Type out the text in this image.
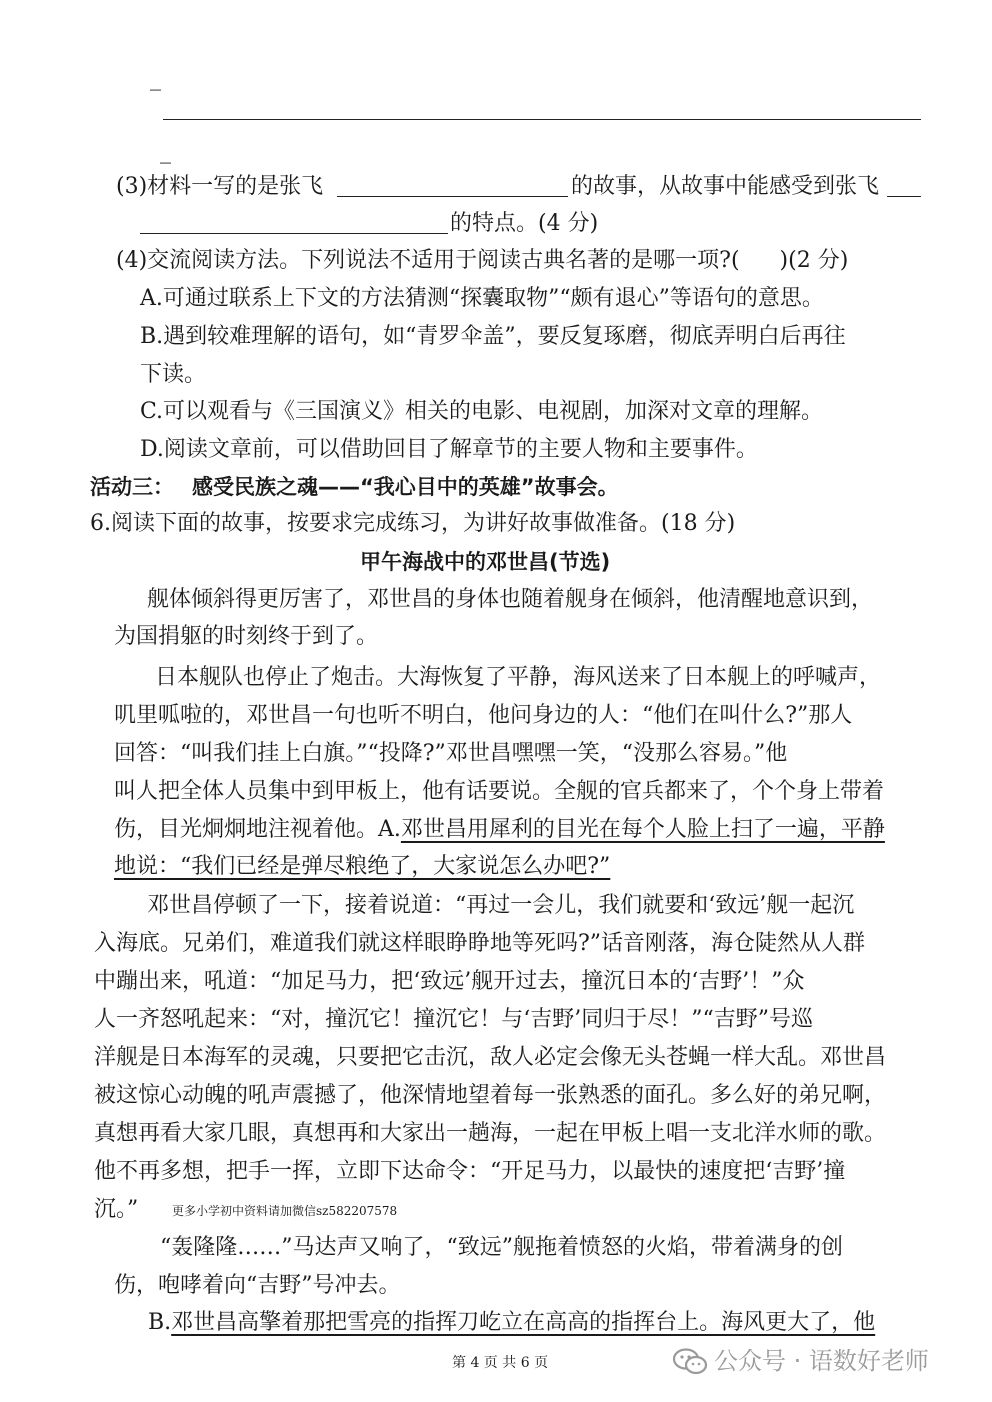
_
_
(3)材料一写的是张飞	的故事，从故事中能感受到张飞
的特点。(4 分)
(4)交流阅读方法。下列说法不适用于阅读古典名著的是哪一项?( )(2 分)
A.可通过联系上下文的方法猜测“探囊取物”“颇有退心”等语句的意思。
B.遇到较难理解的语句，如“青罗伞盖”，要反复琢磨，彻底弄明白后再往
下读。
C.可以观看与《三国演义》相关的电影、电视剧，加深对文章的理解。
D.阅读文章前，可以借助回目了解章节的主要人物和主要事件。
活动三： 感受民族之魂——“我心目中的英雄”故事会。
6.阅读下面的故事，按要求完成练习，为讲好故事做准备。(18 分)
甲午海战中的邓世昌(节选)
舰体倾斜得更厉害了，邓世昌的身体也随着舰身在倾斜，他清醒地意识到，
为国捐躯的时刻终于到了。
日本舰队也停止了炮击。大海恢复了平静，海风送来了日本舰上的呼喊声，
叽里呱啦的，邓世昌一句也听不明白，他问身边的人：“他们在叫什么?”那人
回答：“叫我们挂上白旗。”“投降?”邓世昌嘿嘿一笑，“没那么容易。”他
叫人把全体人员集中到甲板上，他有话要说。全舰的官兵都来了，个个身上带着
伤，目光炯炯地注视着他。A.邓世昌用犀利的目光在每个人脸上扫了一遍，平静
地说：“我们已经是弹尽粮绝了，大家说怎么办吧?”
邓世昌停顿了一下，接着说道：“再过一会儿，我们就要和‘致远’舰一起沉
入海底。兄弟们，难道我们就这样眼睁睁地等死吗?”话音刚落，海仓陡然从人群
中蹦出来，吼道：“加足马力，把‘致远’舰开过去，撞沉日本的‘吉野’！”众
人一齐怒吼起来：“对，撞沉它！撞沉它！与‘吉野’同归于尽！”“吉野”号巡
洋舰是日本海军的灵魂，只要把它击沉，敌人必定会像无头苍蝇一样大乱。邓世昌
被这惊心动魄的吼声震撼了，他深情地望着每一张熟悉的面孔。多么好的弟兄啊，
真想再看大家几眼，真想再和大家出一趟海，一起在甲板上唱一支北洋水师的歌。
他不再多想，把手一挥，立即下达命令：“开足马力，以最快的速度把‘吉野’撞
沉。”	更多小学初中资料请加微信sz582207578
“轰隆隆……”马达声又响了，“致远”舰拖着愤怒的火焰，带着满身的创
伤，咆哮着向“吉野”号冲去。
B.邓世昌高擎着那把雪亮的指挥刀屹立在高高的指挥台上。海风更大了，他
第 4 页 共 6 页	公众号 · 语数好老师
